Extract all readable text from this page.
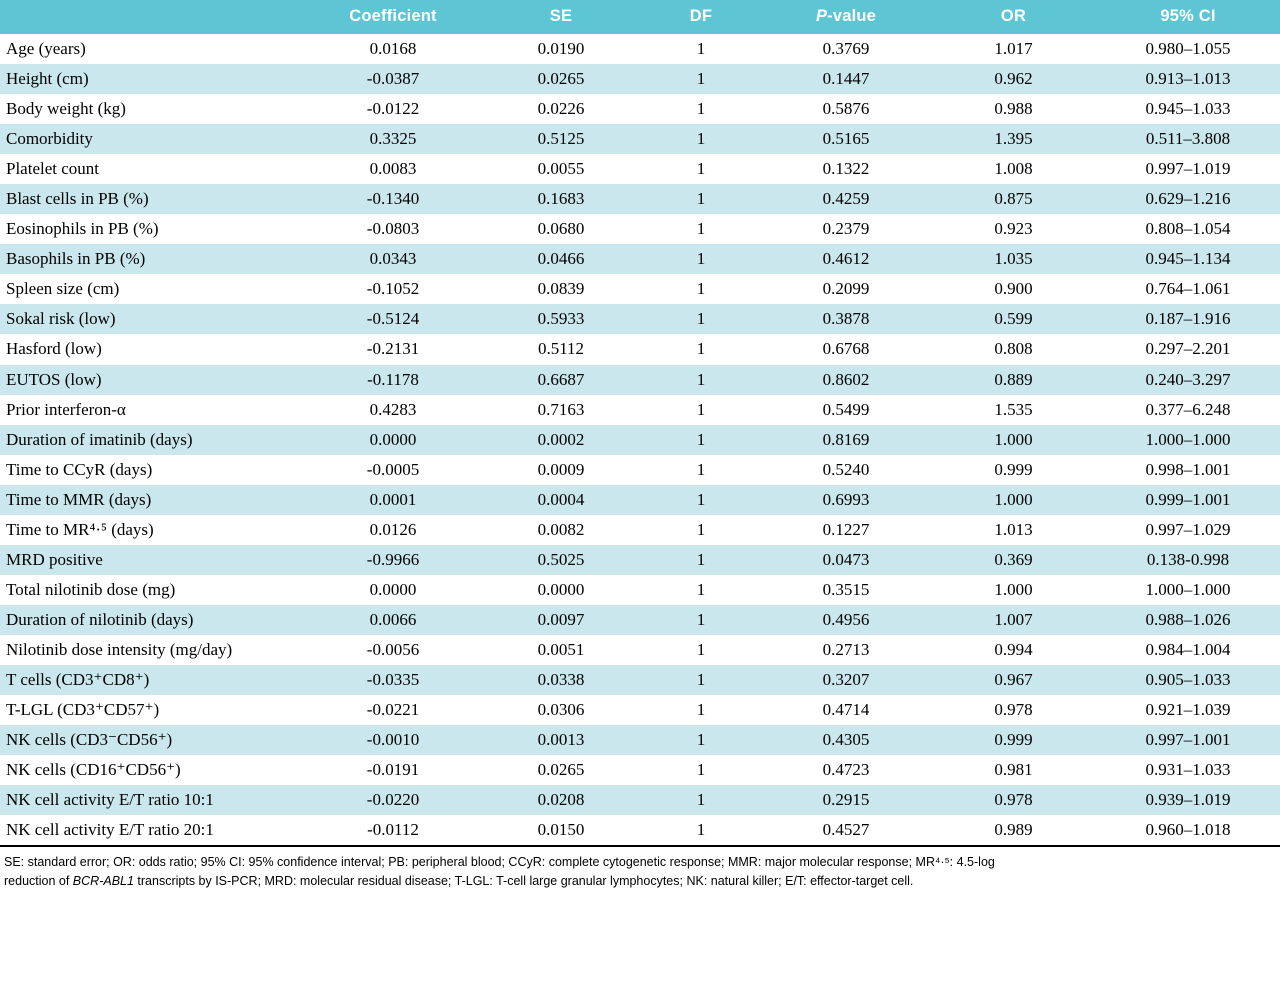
	Coefficient	SE	DF	P-value	OR	95% CI
Age (years)	0.0168	0.0190	1	0.3769	1.017	0.980–1.055
Height (cm)	-0.0387	0.0265	1	0.1447	0.962	0.913–1.013
Body weight (kg)	-0.0122	0.0226	1	0.5876	0.988	0.945–1.033
Comorbidity	0.3325	0.5125	1	0.5165	1.395	0.511–3.808
Platelet count	0.0083	0.0055	1	0.1322	1.008	0.997–1.019
Blast cells in PB (%)	-0.1340	0.1683	1	0.4259	0.875	0.629–1.216
Eosinophils in PB (%)	-0.0803	0.0680	1	0.2379	0.923	0.808–1.054
Basophils in PB (%)	0.0343	0.0466	1	0.4612	1.035	0.945–1.134
Spleen size (cm)	-0.1052	0.0839	1	0.2099	0.900	0.764–1.061
Sokal risk (low)	-0.5124	0.5933	1	0.3878	0.599	0.187–1.916
Hasford (low)	-0.2131	0.5112	1	0.6768	0.808	0.297–2.201
EUTOS (low)	-0.1178	0.6687	1	0.8602	0.889	0.240–3.297
Prior interferon-α	0.4283	0.7163	1	0.5499	1.535	0.377–6.248
Duration of imatinib (days)	0.0000	0.0002	1	0.8169	1.000	1.000–1.000
Time to CCyR (days)	-0.0005	0.0009	1	0.5240	0.999	0.998–1.001
Time to MMR (days)	0.0001	0.0004	1	0.6993	1.000	0.999–1.001
Time to MR⁴·⁵ (days)	0.0126	0.0082	1	0.1227	1.013	0.997–1.029
MRD positive	-0.9966	0.5025	1	0.0473	0.369	0.138-0.998
Total nilotinib dose (mg)	0.0000	0.0000	1	0.3515	1.000	1.000–1.000
Duration of nilotinib (days)	0.0066	0.0097	1	0.4956	1.007	0.988–1.026
Nilotinib dose intensity (mg/day)	-0.0056	0.0051	1	0.2713	0.994	0.984–1.004
T cells (CD3⁺CD8⁺)	-0.0335	0.0338	1	0.3207	0.967	0.905–1.033
T-LGL (CD3⁺CD57⁺)	-0.0221	0.0306	1	0.4714	0.978	0.921–1.039
NK cells (CD3⁻CD56⁺)	-0.0010	0.0013	1	0.4305	0.999	0.997–1.001
NK cells (CD16⁺CD56⁺)	-0.0191	0.0265	1	0.4723	0.981	0.931–1.033
NK cell activity E/T ratio 10:1	-0.0220	0.0208	1	0.2915	0.978	0.939–1.019
NK cell activity E/T ratio 20:1	-0.0112	0.0150	1	0.4527	0.989	0.960–1.018
SE: standard error; OR: odds ratio; 95% CI: 95% confidence interval; PB: peripheral blood; CCyR: complete cytogenetic response; MMR: major molecular response; MR⁴·⁵: 4.5-log
reduction of BCR-ABL1 transcripts by IS-PCR; MRD: molecular residual disease; T-LGL: T-cell large granular lymphocytes; NK: natural killer; E/T: effector-target cell.
